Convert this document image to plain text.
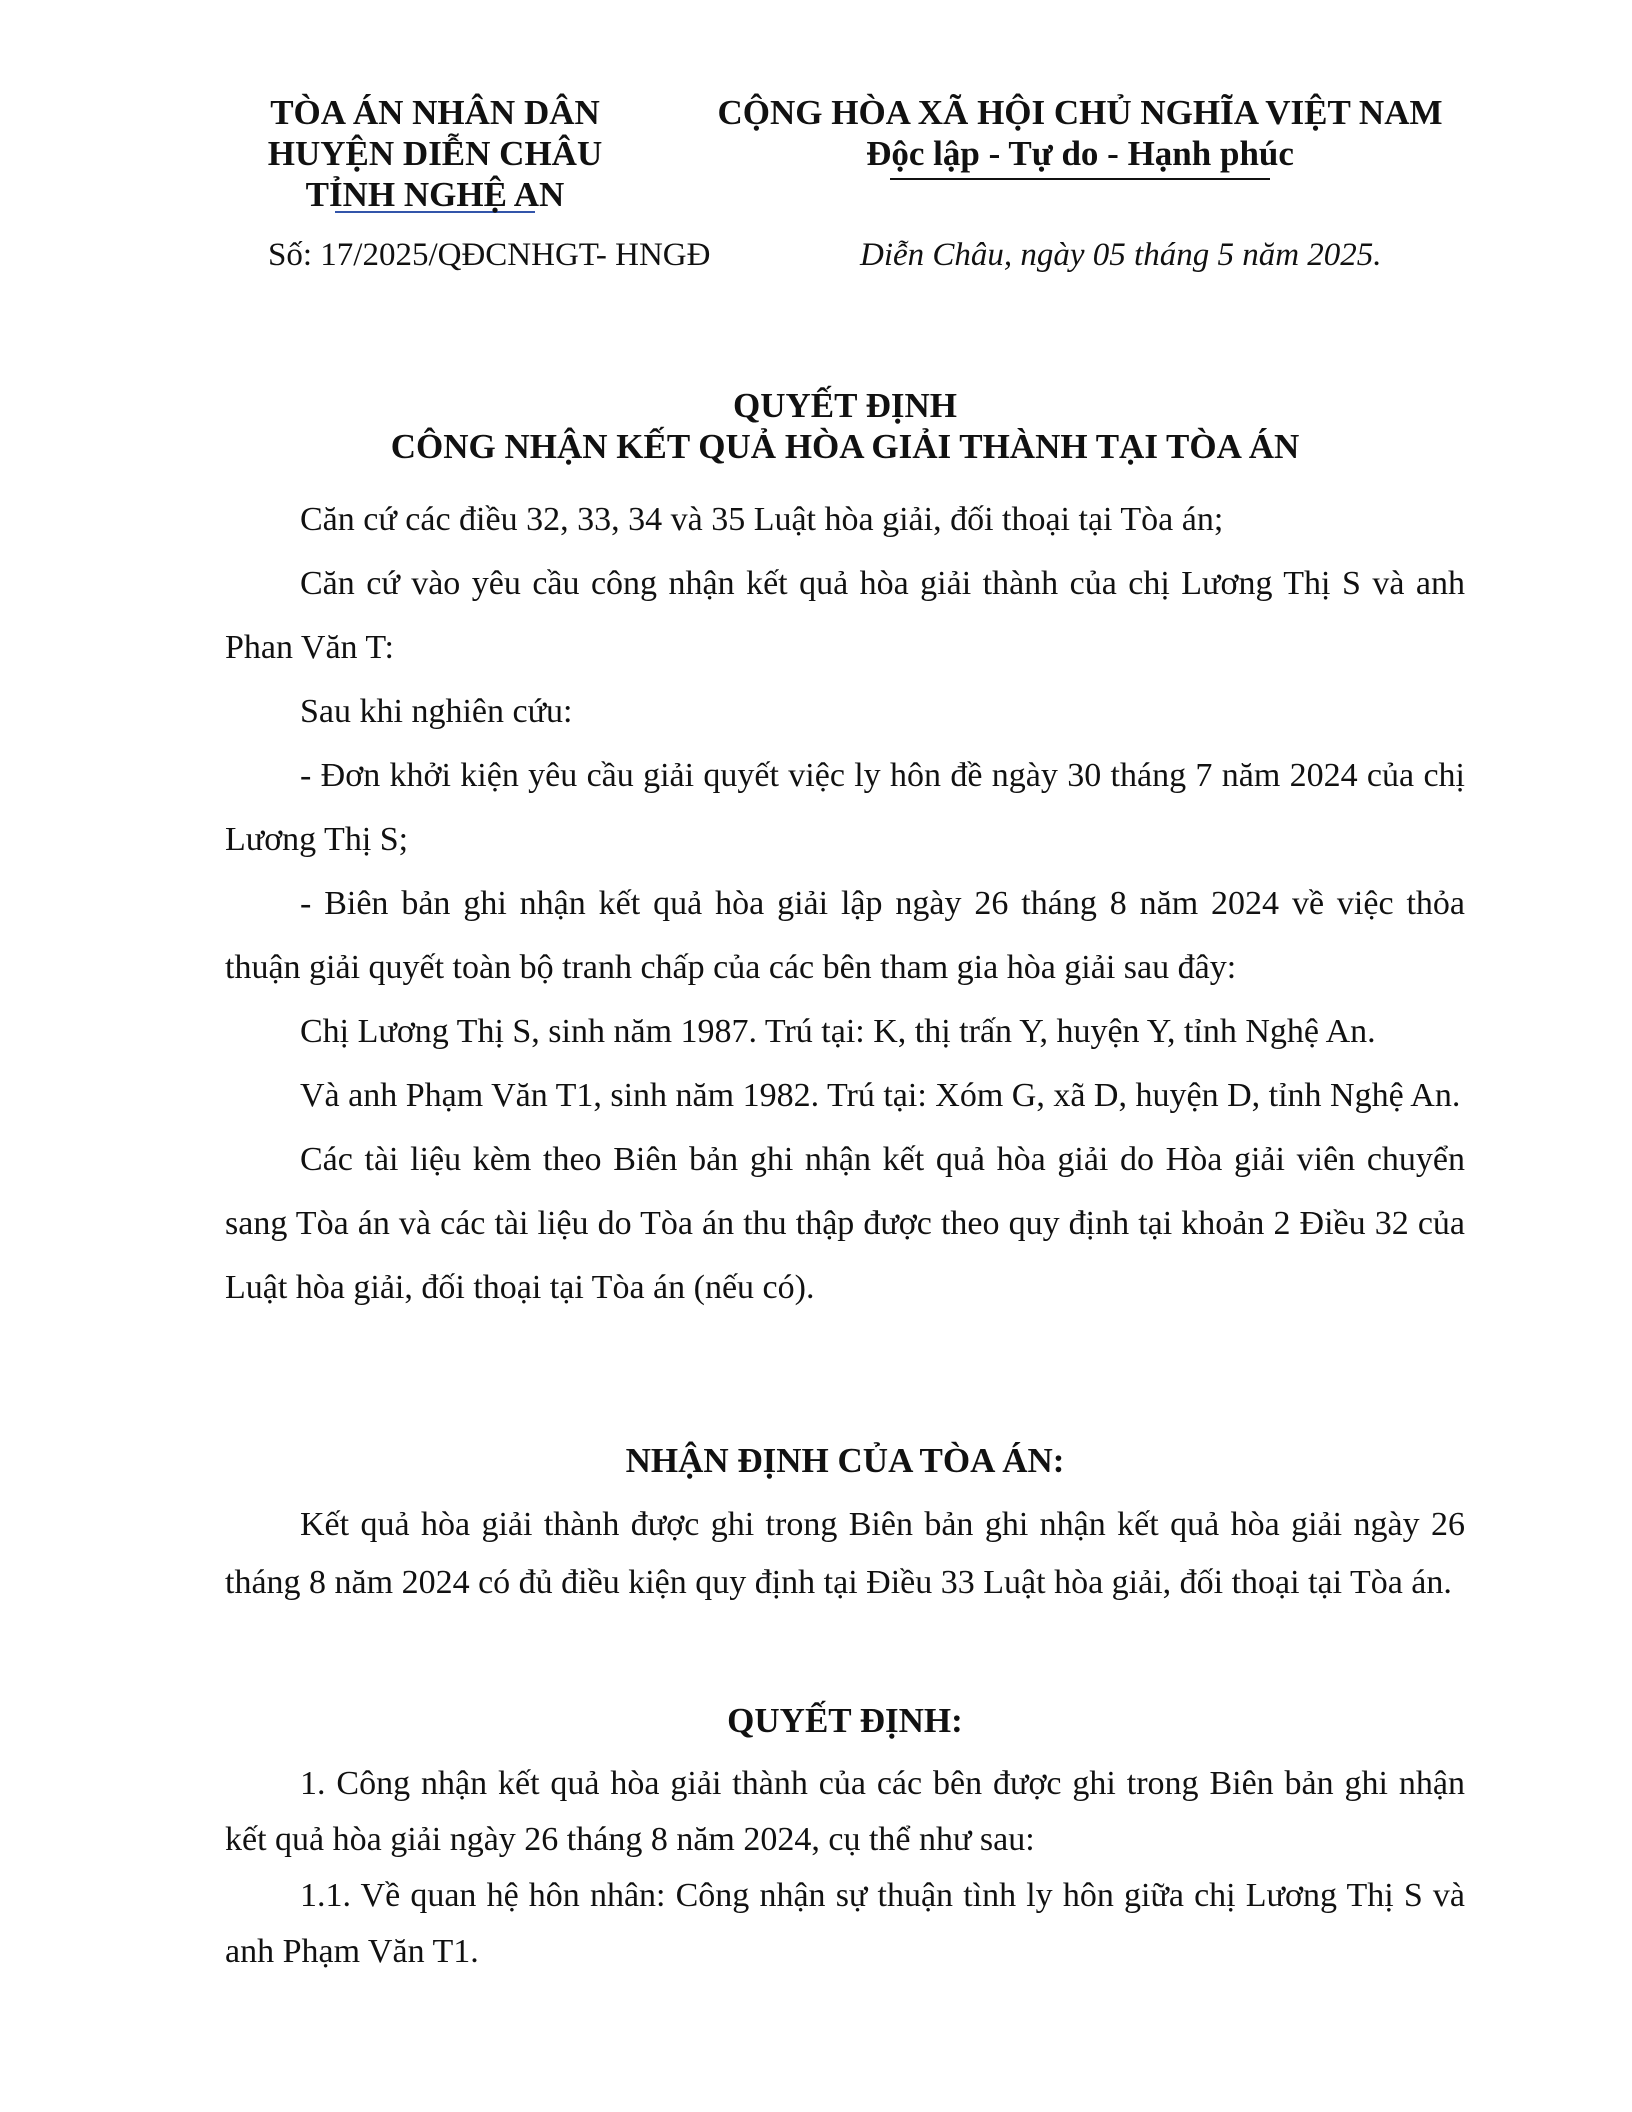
TÒA ÁN NHÂN DÂN
HUYỆN DIỄN CHÂU
TỈNH NGHỆ AN
CỘNG HÒA XÃ HỘI CHỦ NGHĨA VIỆT NAM
Độc lập - Tự do - Hạnh phúc
Số: 17/2025/QĐCNHGT- HNGĐ	Diễn Châu, ngày 05 tháng 5 năm 2025.
QUYẾT ĐỊNH
CÔNG NHẬN KẾT QUẢ HÒA GIẢI THÀNH TẠI TÒA ÁN

Căn cứ các điều 32, 33, 34 và 35 Luật hòa giải, đối thoại tại Tòa án;

Căn cứ vào yêu cầu công nhận kết quả hòa giải thành của chị Lương Thị S và anh Phan Văn T:

Sau khi nghiên cứu:

- Đơn khởi kiện yêu cầu giải quyết việc ly hôn đề ngày 30 tháng 7 năm 2024 của chị Lương Thị S;

- Biên bản ghi nhận kết quả hòa giải lập ngày 26 tháng 8 năm 2024 về việc thỏa thuận giải quyết toàn bộ tranh chấp của các bên tham gia hòa giải sau đây:

Chị Lương Thị S, sinh năm 1987. Trú tại: K, thị trấn Y, huyện Y, tỉnh Nghệ An.

Và anh Phạm Văn T1, sinh năm 1982. Trú tại: Xóm G, xã D, huyện D, tỉnh Nghệ An.

Các tài liệu kèm theo Biên bản ghi nhận kết quả hòa giải do Hòa giải viên chuyển sang Tòa án và các tài liệu do Tòa án thu thập được theo quy định tại khoản 2 Điều 32 của Luật hòa giải, đối thoại tại Tòa án (nếu có).

NHẬN ĐỊNH CỦA TÒA ÁN:

Kết quả hòa giải thành được ghi trong Biên bản ghi nhận kết quả hòa giải ngày 26 tháng 8 năm 2024 có đủ điều kiện quy định tại Điều 33 Luật hòa giải, đối thoại tại Tòa án.

QUYẾT ĐỊNH:

1. Công nhận kết quả hòa giải thành của các bên được ghi trong Biên bản ghi nhận kết quả hòa giải ngày 26 tháng 8 năm 2024, cụ thể như sau:

1.1. Về quan hệ hôn nhân: Công nhận sự thuận tình ly hôn giữa chị Lương Thị S và anh Phạm Văn T1.
